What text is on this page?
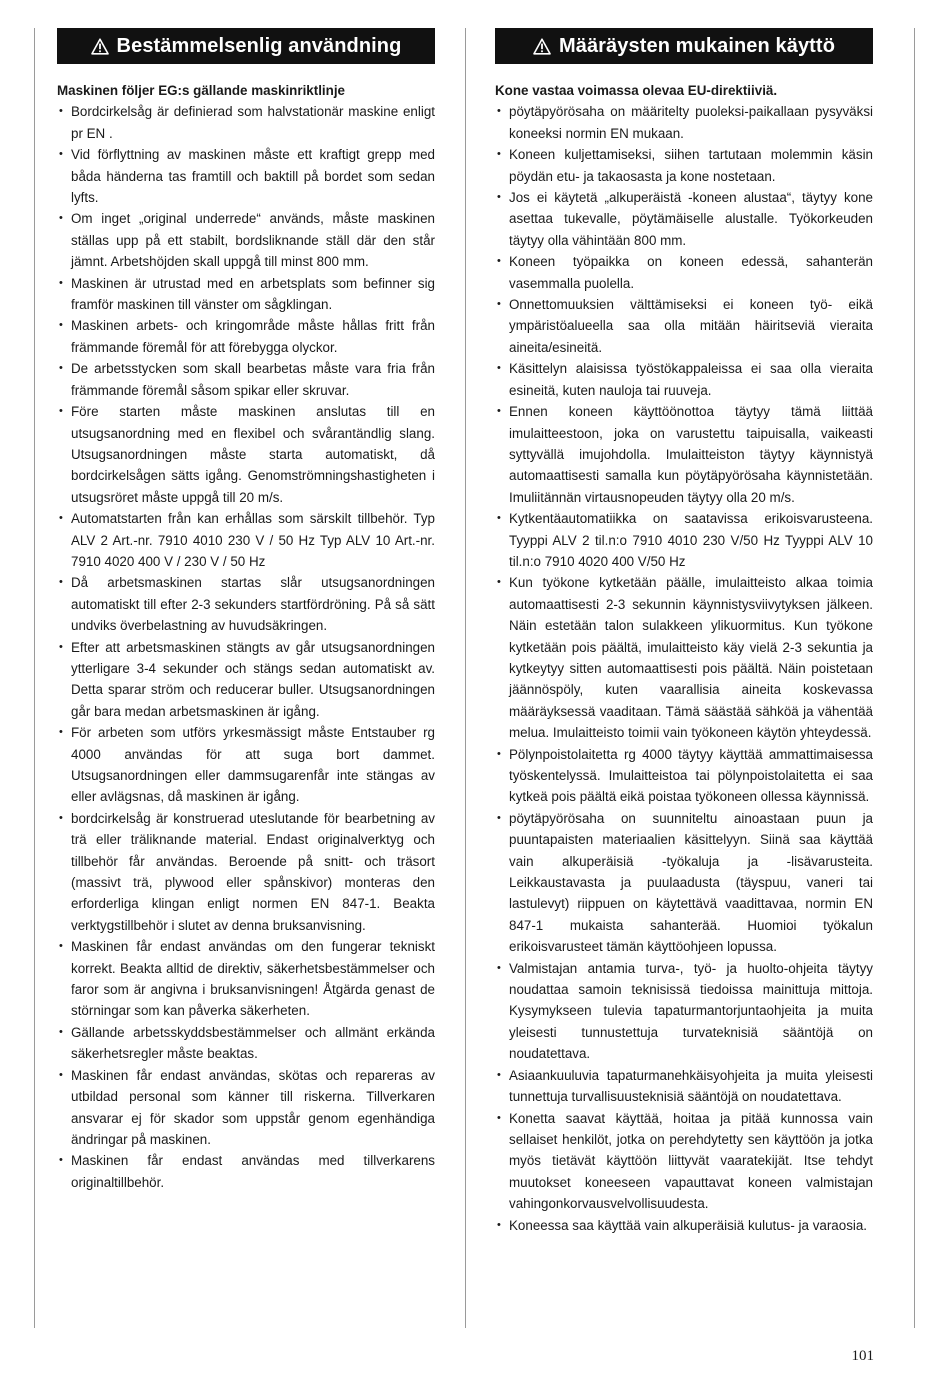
Bestämmelsenlig användning
Maskinen följer EG:s gällande maskinriktlinje
• Bordcirkelsåg är definierad som halvstationär maskine enligt pr EN .
• Vid förflyttning av maskinen måste ett kraftigt grepp med båda händerna tas framtill och baktill på bordet som sedan lyfts.
• Om inget „original underrede“ används, måste maskinen ställas upp på ett stabilt, bordsliknande ställ där den står jämnt. Arbetshöjden skall uppgå till minst 800 mm.
• Maskinen är utrustad med en arbetsplats som befinner sig framför maskinen till vänster om sågklingan.
• Maskinen arbets- och kringområde måste hållas fritt från främmande föremål för att förebygga olyckor.
• De arbetsstycken som skall bearbetas måste vara fria från främmande föremål såsom spikar eller skruvar.
• Före starten måste maskinen anslutas till en utsugsanordning med en flexibel och svårantändlig slang. Utsugsanordningen måste starta automatiskt, då bordcirkelsågen sätts igång. Genomströmningshastigheten i utsugsröret måste uppgå till 20 m/s.
• Automatstarten från kan erhållas som särskilt tillbehör. Typ ALV 2 Art.-nr. 7910 4010 230 V / 50 Hz Typ ALV 10 Art.-nr. 7910 4020 400 V / 230 V / 50 Hz
• Då arbetsmaskinen startas slår utsugsanordningen automatiskt till efter 2-3 sekunders startfördröning. På så sätt undviks överbelastning av huvudsäkringen.
• Efter att arbetsmaskinen stängts av går utsugsanordningen ytterligare 3-4 sekunder och stängs sedan automatiskt av. Detta sparar ström och reducerar buller. Utsugsanordningen går bara medan arbetsmaskinen är igång.
• För arbeten som utförs yrkesmässigt måste Entstauber rg 4000 användas för att suga bort dammet. Utsugsanordningen eller dammsugarenfår inte stängas av eller avlägsnas, då maskinen är igång.
• bordcirkelsåg är konstruerad uteslutande för bearbetning av trä eller träliknande material. Endast originalverktyg och tillbehör får användas. Beroende på snitt- och träsort (massivt trä, plywood eller spånskivor) monteras den erforderliga klingan enligt normen EN 847-1. Beakta verktygstillbehör i slutet av denna bruksanvisning.
• Maskinen får endast användas om den fungerar tekniskt korrekt. Beakta alltid de direktiv, säkerhetsbestämmelser och faror som är angivna i bruksanvisningen! Åtgärda genast de störningar som kan påverka säkerheten.
• Gällande arbetsskyddsbestämmelser och allmänt erkända säkerhetsregler måste beaktas.
• Maskinen får endast användas, skötas och repareras av utbildad personal som känner till riskerna. Tillverkaren ansvarar ej för skador som uppstår genom egenhändiga ändringar på maskinen.
• Maskinen får endast användas med tillverkarens originaltillbehör.
Määräysten mukainen käyttö
Kone vastaa voimassa olevaa EU-direktiiviä.
• pöytäpyörösaha on määritelty puoleksi-paikallaan pysyväksi koneeksi normin EN mukaan.
• Koneen kuljettamiseksi, siihen tartutaan molemmin käsin pöydän etu- ja takaosasta ja kone nostetaan.
• Jos ei käytetä „alkuperäistä -koneen alustaa“, täytyy kone asettaa tukevalle, pöytämäiselle alustalle. Työkorkeuden täytyy olla vähintään 800 mm.
• Koneen työpaikka on koneen edessä, sahanterän vasemmalla puolella.
• Onnettomuuksien välttämiseksi ei koneen työ- eikä ympäristöalueella saa olla mitään häiritseviä vieraita aineita/esineitä.
• Käsittelyn alaisissa työstökappaleissa ei saa olla vieraita esineitä, kuten nauloja tai ruuveja.
• Ennen koneen käyttöönottoa täytyy tämä liittää imulaitteestoon, joka on varustettu taipuisalla, vaikeasti syttyvällä imujohdolla. Imulaitteiston täytyy käynnistyä automaattisesti samalla kun pöytäpyörösaha käynnistetään. Imuliitännän virtausnopeuden täytyy olla 20 m/s.
• Kytkentäautomatiikka on saatavissa erikoisvarusteena. Tyyppi ALV 2 til.n:o 7910 4010 230 V/50 Hz Tyyppi ALV 10 til.n:o 7910 4020 400 V/50 Hz
• Kun työkone kytketään päälle, imulaitteisto alkaa toimia automaattisesti 2-3 sekunnin käynnistysviivytyksen jälkeen. Näin estetään talon sulakkeen ylikuormitus. Kun työkone kytketään pois päältä, imulaitteisto käy vielä 2-3 sekuntia ja kytkeytyy sitten automaattisesti pois päältä. Näin poistetaan jäännöspöly, kuten vaarallisia aineita koskevassa määräyksessä vaaditaan. Tämä säästää sähköä ja vähentää melua. Imulaitteisto toimii vain työkoneen käytön yhteydessä.
• Pölynpoistolaitetta rg 4000 täytyy käyttää ammattimaisessa työskentelyssä. Imulaitteistoa tai pölynpoistolaitetta ei saa kytkeä pois päältä eikä poistaa työkoneen ollessa käynnissä.
• pöytäpyörösaha on suunniteltu ainoastaan puun ja puuntapaisten materiaalien käsittelyyn. Siinä saa käyttää vain alkuperäisiä -työkaluja ja -lisävarusteita. Leikkaustavasta ja puulaadusta (täyspuu, vaneri tai lastulevyt) riippuen on käytettävä vaadittavaa, normin EN 847-1 mukaista sahanterää. Huomioi työkalun erikoisvarusteet tämän käyttöohjeen lopussa.
• Valmistajan antamia turva-, työ- ja huolto-ohjeita täytyy noudattaa samoin teknisissä tiedoissa mainittuja mittoja. Kysymykseen tulevia tapaturmantorjuntaohjeita ja muita yleisesti tunnustettuja turvateknisiä sääntöjä on noudatettava.
• Asiaankuuluvia tapaturmanehkäisyohjeita ja muita yleisesti tunnettuja turvallisuusteknisiä sääntöjä on noudatettava.
• Konetta saavat käyttää, hoitaa ja pitää kunnossa vain sellaiset henkilöt, jotka on perehdytetty sen käyttöön ja jotka myös tietävät käyttöön liittyvät vaaratekijät. Itse tehdyt muutokset koneeseen vapauttavat koneen valmistajan vahingonkorvausvelvollisuudesta.
• Koneessa saa käyttää vain alkuperäisiä kulutus- ja varaosia.
101
